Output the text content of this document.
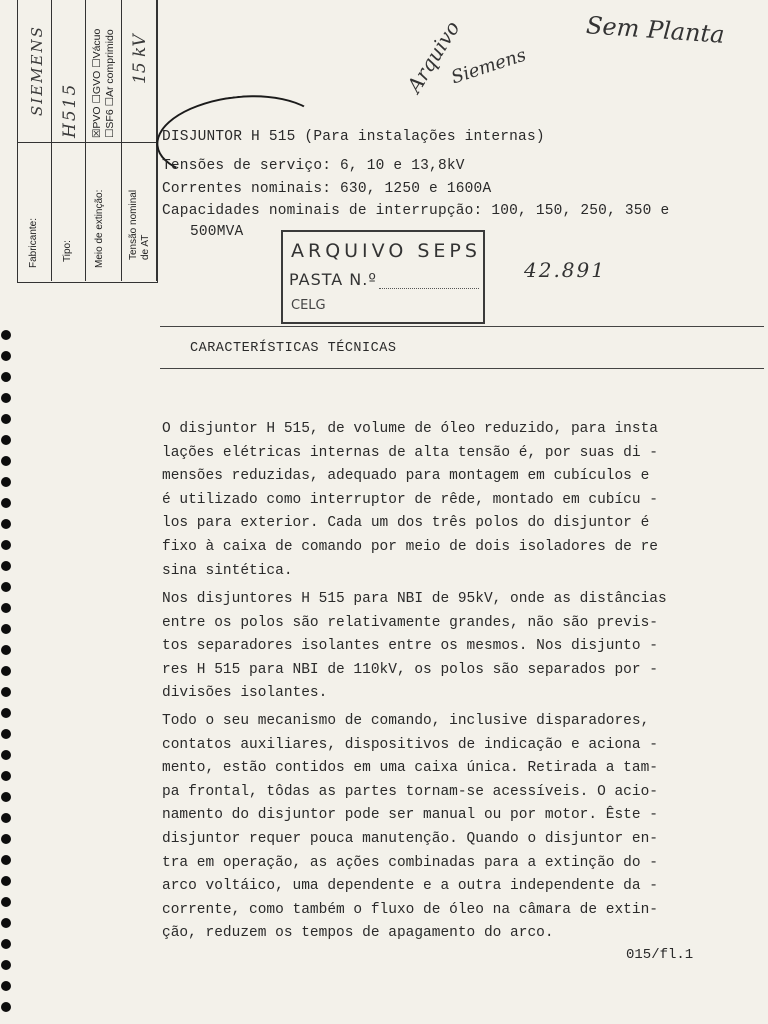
Fabricante:
SIEMENS
Tipo:
H515
Meio de extinção:
☒PVO ☐GVO ☐Vácuo ☐SF6 ☐Ar comprimido
Tensão nominal de AT
15 kV	Arquivo
Siemens
Sem Planta
42.891
DISJUNTOR H 515 (Para instalações internas)
Tensões de serviço: 6, 10 e 13,8kV
Correntes nominais: 630, 1250 e 1600A
Capacidades nominais de interrupção: 100, 150, 250, 350 e
500MVA
ARQUIVO SEPS
PASTA N.º
CELG
CARACTERÍSTICAS TÉCNICAS
O disjuntor H 515, de volume de óleo reduzido, para insta
lações elétricas internas de alta tensão é, por suas di -
mensões reduzidas, adequado para montagem em cubículos e
é utilizado como interruptor de rêde, montado em cubícu -
los para exterior. Cada um dos três polos do disjuntor é
fixo à caixa de comando por meio de dois isoladores de re
sina sintética.
Nos disjuntores H 515 para NBI de 95kV, onde as distâncias
entre os polos são relativamente grandes, não são previs-
tos separadores isolantes entre os mesmos. Nos disjunto -
res H 515 para NBI de 110kV, os polos são separados por -
divisões isolantes.
Todo o seu mecanismo de comando, inclusive disparadores,
contatos auxiliares, dispositivos de indicação e aciona -
mento, estão contidos em uma caixa única. Retirada a tam-
pa frontal, tôdas as partes tornam-se acessíveis. O acio-
namento do disjuntor pode ser manual ou por motor. Êste -
disjuntor requer pouca manutenção. Quando o disjuntor en-
tra em operação, as ações combinadas para a extinção do -
arco voltáico, uma dependente e a outra independente da -
corrente, como também o fluxo de óleo na câmara de extin-
ção, reduzem os tempos de apagamento do arco.
015/fl.1
